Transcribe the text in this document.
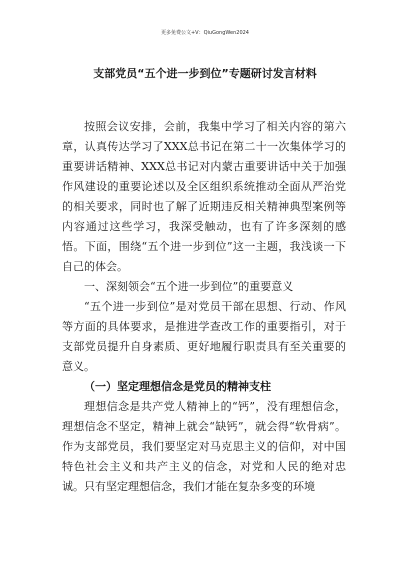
更多免费公文+V：QiuGongWen2024
支部党员“五个进一步到位”专题研讨发言材料

按照会议安排，会前，我集中学习了相关内容的第六章，认真传达学习了XXX总书记在第二十一次集体学习的重要讲话精神、XXX总书记对内蒙古重要讲话中关于加强作风建设的重要论述以及全区组织系统推动全面从严治党的相关要求，同时也了解了近期违反相关精神典型案例等内容通过这些学习，我深受触动，也有了许多深刻的感悟。下面，围绕“五个进一步到位”这一主题，我浅谈一下自己的体会。

一、深刻领会“五个进一步到位”的重要意义

“五个进一步到位”是对党员干部在思想、行动、作风等方面的具体要求，是推进学查改工作的重要指引，对于支部党员提升自身素质、更好地履行职责具有至关重要的意义。

（一）坚定理想信念是党员的精神支柱

理想信念是共产党人精神上的“钙”，没有理想信念，理想信念不坚定，精神上就会“缺钙”，就会得“软骨病”。作为支部党员，我们要坚定对马克思主义的信仰，对中国特色社会主义和共产主义的信念，对党和人民的绝对忠诚。只有坚定理想信念，我们才能在复杂多变的环境
